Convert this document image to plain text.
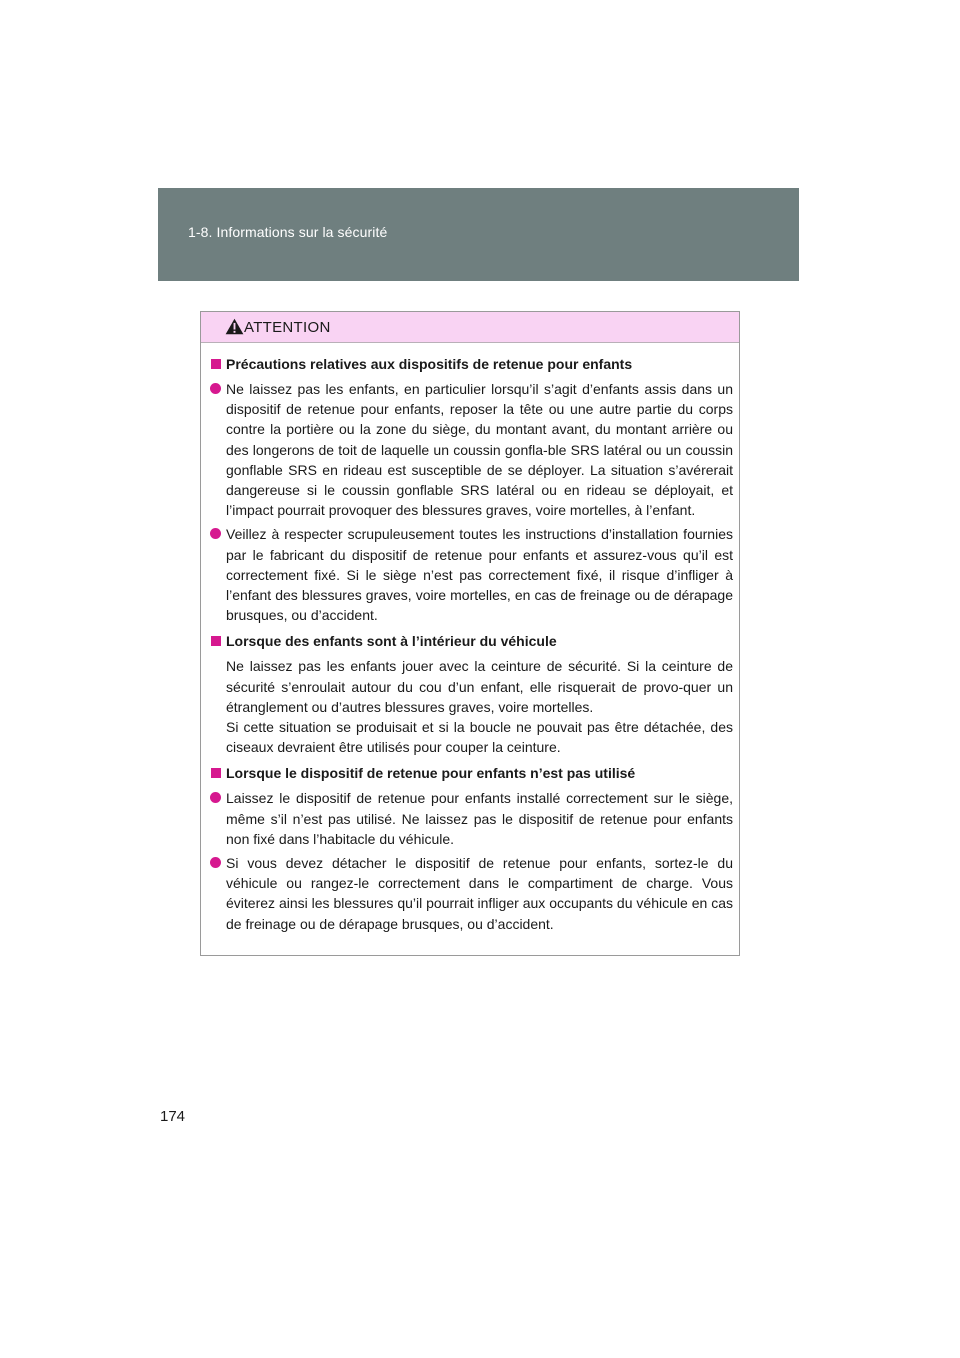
1-8. Informations sur la sécurité
ATTENTION
Précautions relatives aux dispositifs de retenue pour enfants
Ne laissez pas les enfants, en particulier lorsqu’il s’agit d’enfants assis dans un dispositif de retenue pour enfants, reposer la tête ou une autre partie du corps contre la portière ou la zone du siège, du montant avant, du montant arrière ou des longerons de toit de laquelle un coussin gonfla-ble SRS latéral ou un coussin gonflable SRS en rideau est susceptible de se déployer. La situation s’avérerait dangereuse si le coussin gonflable SRS latéral ou en rideau se déployait, et l’impact pourrait provoquer des blessures graves, voire mortelles, à l’enfant.
Veillez à respecter scrupuleusement toutes les instructions d’installation fournies par le fabricant du dispositif de retenue pour enfants et assurez-vous qu’il est correctement fixé. Si le siège n’est pas correctement fixé, il risque d’infliger à l’enfant des blessures graves, voire mortelles, en cas de freinage ou de dérapage brusques, ou d’accident.
Lorsque des enfants sont à l’intérieur du véhicule
Ne laissez pas les enfants jouer avec la ceinture de sécurité. Si la ceinture de sécurité s’enroulait autour du cou d’un enfant, elle risquerait de provo-quer un étranglement ou d’autres blessures graves, voire mortelles.
Si cette situation se produisait et si la boucle ne pouvait pas être détachée, des ciseaux devraient être utilisés pour couper la ceinture.
Lorsque le dispositif de retenue pour enfants n’est pas utilisé
Laissez le dispositif de retenue pour enfants installé correctement sur le siège, même s’il n’est pas utilisé. Ne laissez pas le dispositif de retenue pour enfants non fixé dans l’habitacle du véhicule.
Si vous devez détacher le dispositif de retenue pour enfants, sortez-le du véhicule ou rangez-le correctement dans le compartiment de charge. Vous éviterez ainsi les blessures qu’il pourrait infliger aux occupants du véhicule en cas de freinage ou de dérapage brusques, ou d’accident.
174
